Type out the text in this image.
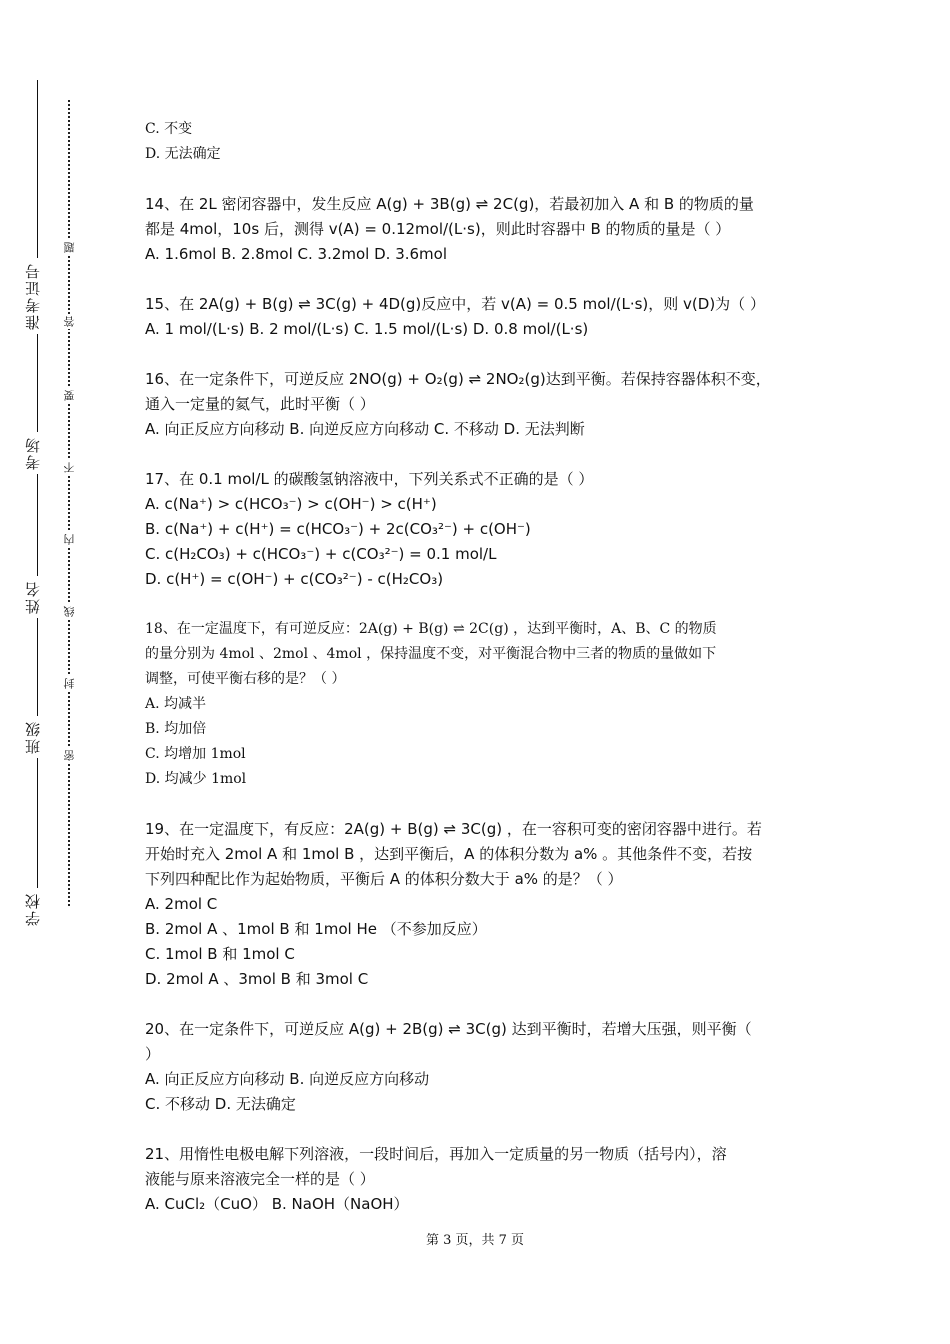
准考证号
考场
姓名
班级
学校
题
答
要
不
内
线
封
密
C. 不变
D. 无法确定
14、在 2L 密闭容器中，发生反应 A(g) + 3B(g) ⇌ 2C(g)，若最初加入 A 和 B 的物质的量
都是 4mol，10s 后，测得 v(A) = 0.12mol/(L·s)，则此时容器中 B 的物质的量是（ ）
A. 1.6mol B. 2.8mol C. 3.2mol D. 3.6mol
15、在 2A(g) + B(g) ⇌ 3C(g) + 4D(g)反应中，若 v(A) = 0.5 mol/(L·s)，则 v(D)为（ ）
A. 1 mol/(L·s) B. 2 mol/(L·s) C. 1.5 mol/(L·s) D. 0.8 mol/(L·s)
16、在一定条件下，可逆反应 2NO(g) + O₂(g) ⇌ 2NO₂(g)达到平衡。若保持容器体积不变，
通入一定量的氦气，此时平衡（ ）
A. 向正反应方向移动 B. 向逆反应方向移动 C. 不移动 D. 无法判断
17、在 0.1 mol/L 的碳酸氢钠溶液中，下列关系式不正确的是（ ）
A. c(Na⁺) > c(HCO₃⁻) > c(OH⁻) > c(H⁺)
B. c(Na⁺) + c(H⁺) = c(HCO₃⁻) + 2c(CO₃²⁻) + c(OH⁻)
C. c(H₂CO₃) + c(HCO₃⁻) + c(CO₃²⁻) = 0.1 mol/L
D. c(H⁺) = c(OH⁻) + c(CO₃²⁻) - c(H₂CO₃)
18、在一定温度下，有可逆反应：2A(g) + B(g) ⇌ 2C(g) ，达到平衡时，A、B、C 的物质
的量分别为 4mol 、2mol 、4mol ，保持温度不变，对平衡混合物中三者的物质的量做如下
调整，可使平衡右移的是？（ ）
A. 均减半
B. 均加倍
C. 均增加 1mol
D. 均减少 1mol
19、在一定温度下，有反应：2A(g) + B(g) ⇌ 3C(g) ，在一容积可变的密闭容器中进行。若
开始时充入 2mol A 和 1mol B ，达到平衡后，A 的体积分数为 a% 。其他条件不变，若按
下列四种配比作为起始物质，平衡后 A 的体积分数大于 a% 的是？（ ）
A. 2mol C
B. 2mol A 、1mol B 和 1mol He （不参加反应）
C. 1mol B 和 1mol C
D. 2mol A 、3mol B 和 3mol C
20、在一定条件下，可逆反应 A(g) + 2B(g) ⇌ 3C(g) 达到平衡时，若增大压强，则平衡（
）
A. 向正反应方向移动 B. 向逆反应方向移动
C. 不移动 D. 无法确定
21、用惰性电极电解下列溶液，一段时间后，再加入一定质量的另一物质（括号内），溶
液能与原来溶液完全一样的是（ ）
A. CuCl₂（CuO） B. NaOH（NaOH）
第 3 页，共 7 页
